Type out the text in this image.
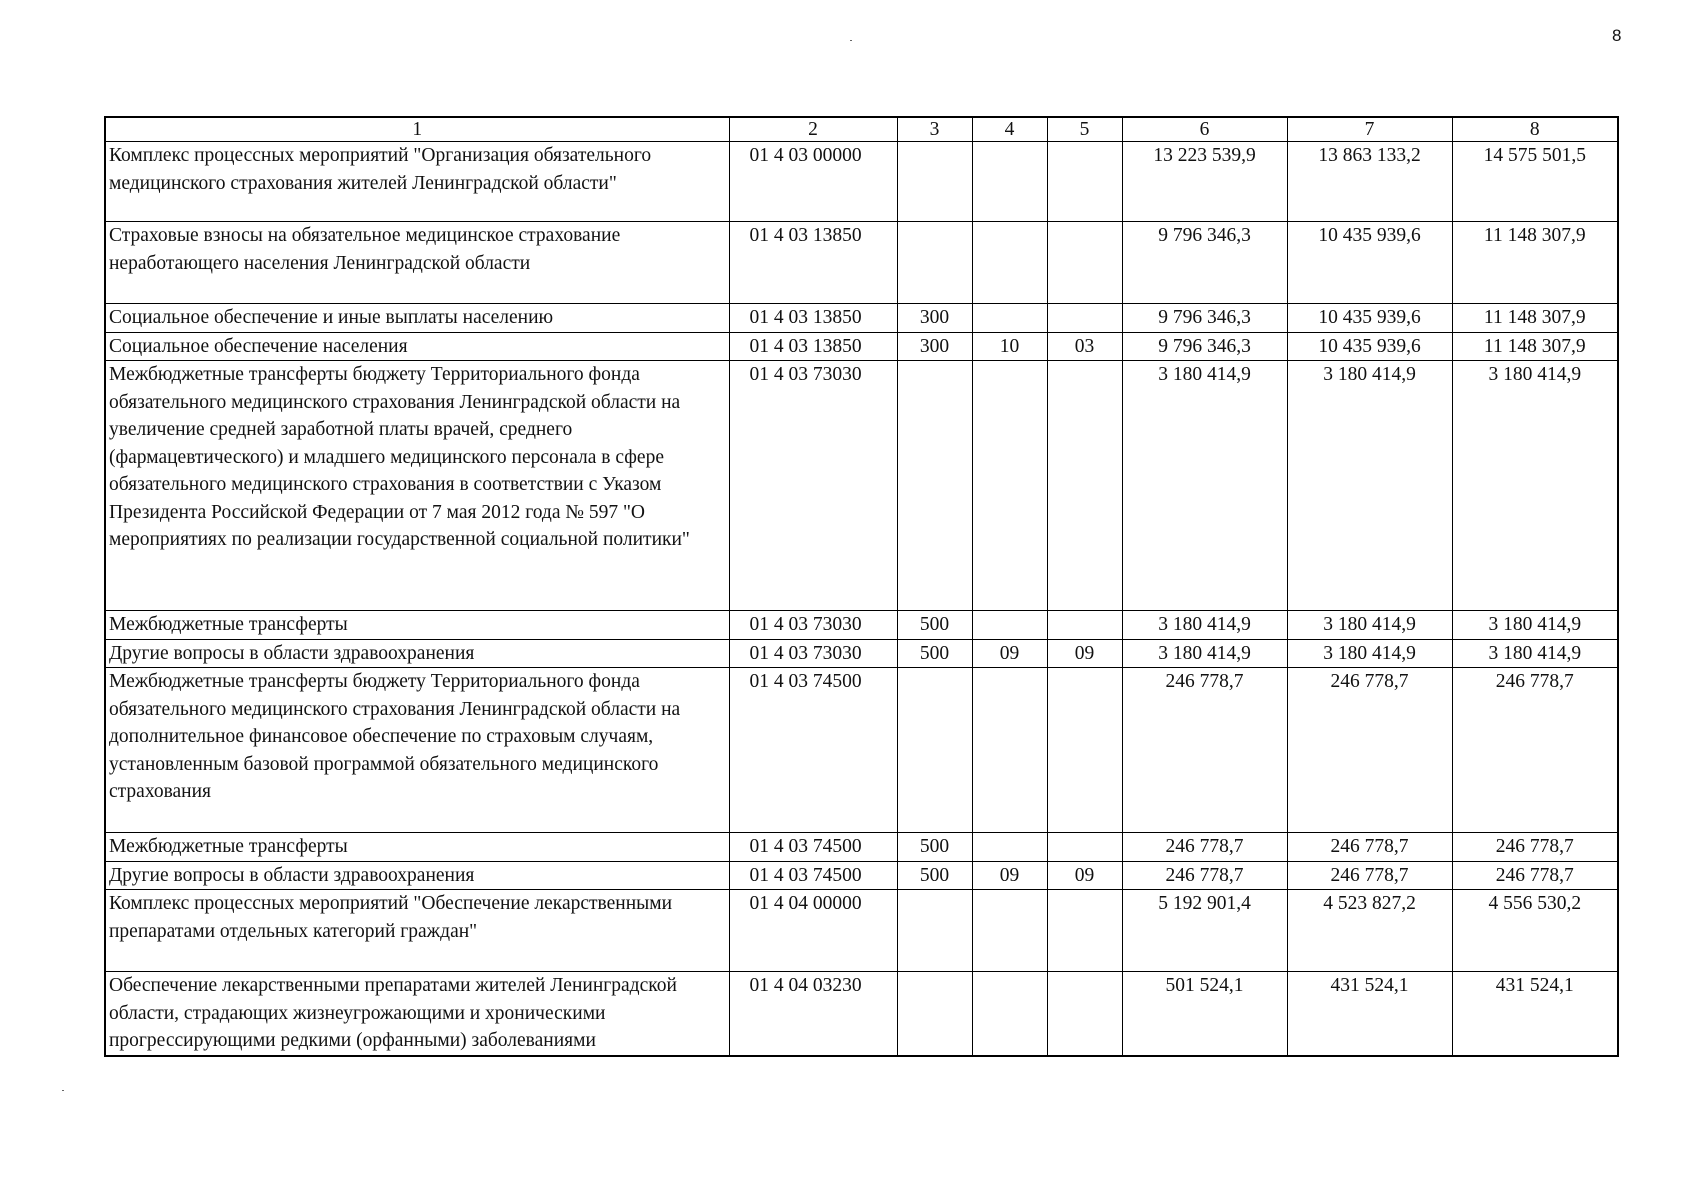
8
1	2	3	4	5	6	7	8
Комплекс процессных мероприятий "Организация обязательного медицинского страхования жителей Ленинградской области"	01 4 03 00000				13 223 539,9	13 863 133,2	14 575 501,5
Страховые взносы на обязательное медицинское страхование неработающего населения Ленинградской области	01 4 03 13850				9 796 346,3	10 435 939,6	11 148 307,9
Социальное обеспечение и иные выплаты населению	01 4 03 13850	300			9 796 346,3	10 435 939,6	11 148 307,9
Социальное обеспечение населения	01 4 03 13850	300	10	03	9 796 346,3	10 435 939,6	11 148 307,9
Межбюджетные трансферты бюджету Территориального фонда обязательного медицинского страхования Ленинградской области на увеличение средней заработной платы врачей, среднего (фармацевтического) и младшего медицинского персонала в сфере обязательного медицинского страхования в соответствии с Указом Президента Российской Федерации от 7 мая 2012 года № 597 "О мероприятиях по реализации государственной социальной политики"	01 4 03 73030				3 180 414,9	3 180 414,9	3 180 414,9
Межбюджетные трансферты	01 4 03 73030	500			3 180 414,9	3 180 414,9	3 180 414,9
Другие вопросы в области здравоохранения	01 4 03 73030	500	09	09	3 180 414,9	3 180 414,9	3 180 414,9
Межбюджетные трансферты бюджету Территориального фонда обязательного медицинского страхования Ленинградской области на дополнительное финансовое обеспечение по страховым случаям, установленным базовой программой обязательного медицинского страхования	01 4 03 74500				246 778,7	246 778,7	246 778,7
Межбюджетные трансферты	01 4 03 74500	500			246 778,7	246 778,7	246 778,7
Другие вопросы в области здравоохранения	01 4 03 74500	500	09	09	246 778,7	246 778,7	246 778,7
Комплекс процессных мероприятий "Обеспечение лекарственными препаратами отдельных категорий граждан"	01 4 04 00000				5 192 901,4	4 523 827,2	4 556 530,2
Обеспечение лекарственными препаратами жителей Ленинградской области, страдающих жизнеугрожающими и хроническими прогрессирующими редкими (орфанными) заболеваниями	01 4 04 03230				501 524,1	431 524,1	431 524,1
